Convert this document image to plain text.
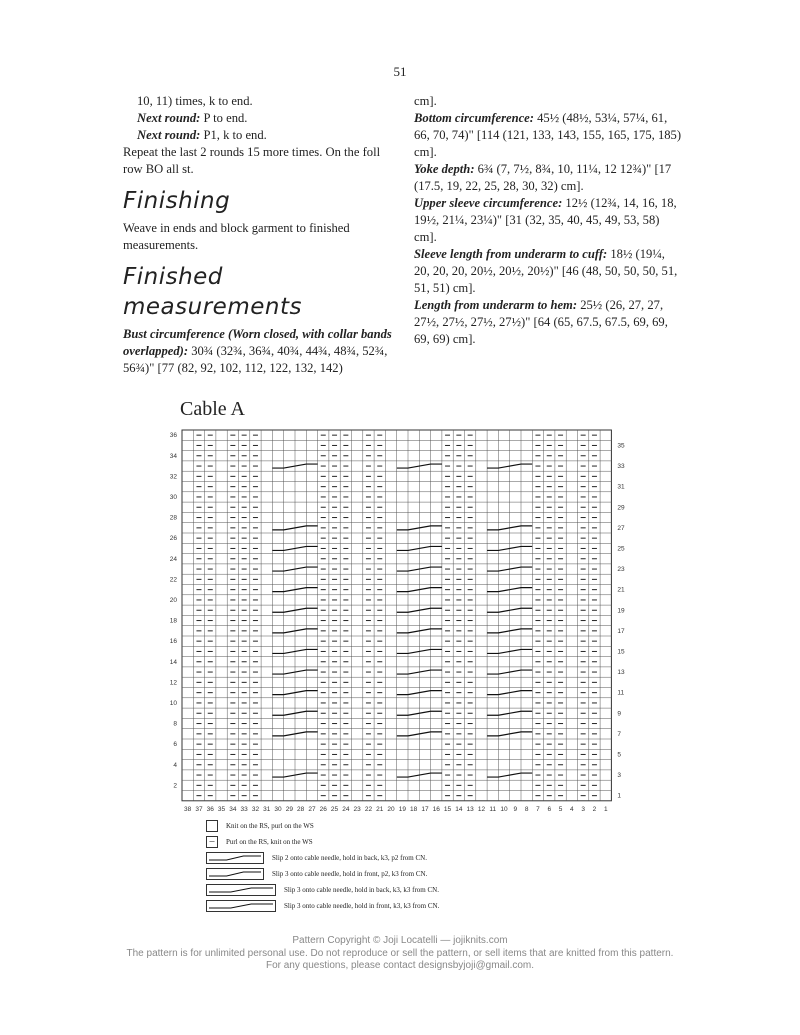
51

10, 11) times, k to end.

Next round: P to end.

Next round: P1, k to end.

Repeat the last 2 rounds 15 more times. On the foll row BO all st.

Finishing

Weave in ends and block garment to finished measurements.

Finished measurements

Bust circumference (Worn closed, with collar bands overlapped): 30¾ (32¾, 36¾, 40¾, 44¾, 48¾, 52¾, 56¾)" [77 (82, 92, 102, 112, 122, 132, 142)

cm].

Bottom circumference: 45½ (48½, 53¼, 57¼, 61, 66, 70, 74)" [114 (121, 133, 143, 155, 165, 175, 185) cm].

Yoke depth: 6¾ (7, 7½, 8¾, 10, 11¼, 12 12¾)" [17 (17.5, 19, 22, 25, 28, 30, 32) cm].

Upper sleeve circumference: 12½ (12¾, 14, 16, 18, 19½, 21¼, 23¼)" [31 (32, 35, 40, 45, 49, 53, 58) cm].

Sleeve length from underarm to cuff: 18½ (19¼, 20, 20, 20, 20½, 20½, 20½)" [46 (48, 50, 50, 50, 51, 51, 51) cm].

Length from underarm to hem: 25½ (26, 27, 27, 27½, 27½, 27½, 27½)" [64 (65, 67.5, 67.5, 69, 69, 69, 69) cm].

Cable A
36
34
32
30
28
26
24
22
20
18
16
14
12
10
8
6
4
2
35
33
31
29
27
25
23
21
19
17
15
13
11
9
7
5
3
1
38 37 36 35 34 33 32 31 30 29 28 27 26 25 24 23 22 21 20 19 18 17 16 15 14 13 12 11 10 9 8 7 6 5 4 3 2 1
Knit on the RS, purl on the WS
–	Purl on the RS, knit on the WS
Slip 2 onto cable needle, hold in back, k3, p2 from CN.
Slip 3 onto cable needle, hold in front, p2, k3 from CN.
Slip 3 onto cable needle, hold in back, k3, k3 from CN.
Slip 3 onto cable needle, hold in front, k3, k3 from CN.
Pattern Copyright © Joji Locatelli — jojiknits.com
The pattern is for unlimited personal use. Do not reproduce or sell the pattern, or sell items that are knitted from this pattern.
For any questions, please contact designsbyjoji@gmail.com.
